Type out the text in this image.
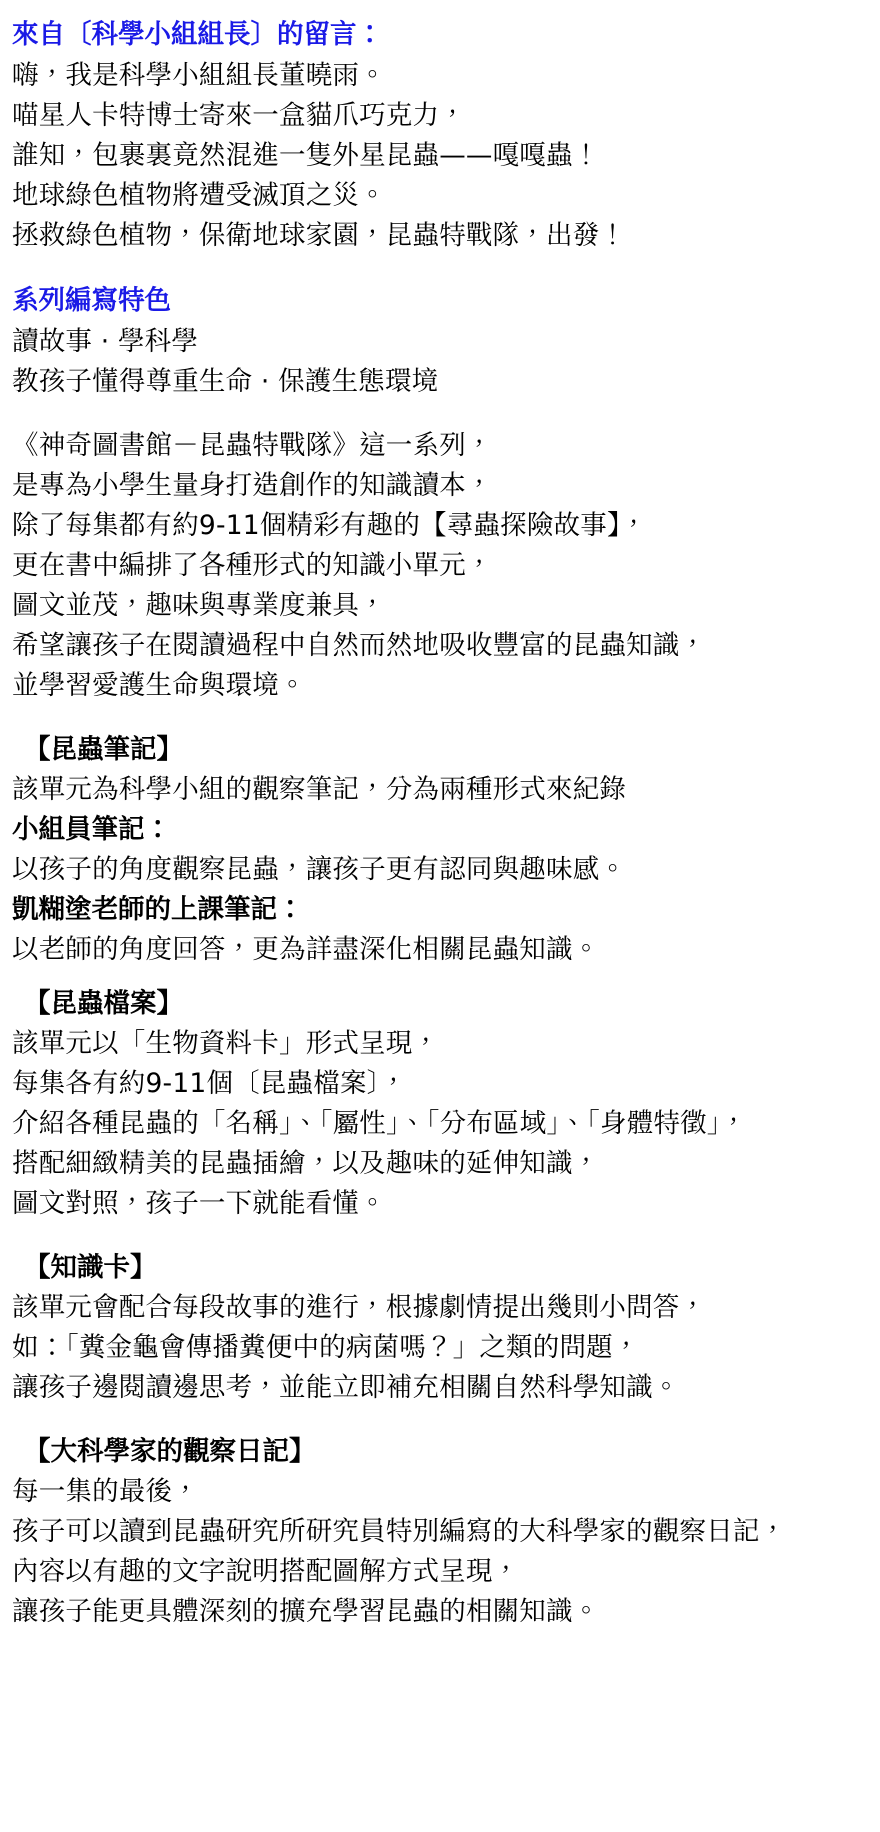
來自〔科學小組組長〕的留言：
嗨，我是科學小組組長董曉雨。
喵星人卡特博士寄來一盒貓爪巧克力，
誰知，包裹裏竟然混進一隻外星昆蟲——嘎嘎蟲！
地球綠色植物將遭受滅頂之災。
拯救綠色植物，保衛地球家園，昆蟲特戰隊，出發！
系列編寫特色
讀故事 · 學科學
教孩子懂得尊重生命 · 保護生態環境
《神奇圖書館－昆蟲特戰隊》這一系列，
是專為小學生量身打造創作的知識讀本，
除了每集都有約9-11個精彩有趣的【尋蟲探險故事】，
更在書中編排了各種形式的知識小單元，
圖文並茂，趣味與專業度兼具，
希望讓孩子在閱讀過程中自然而然地吸收豐富的昆蟲知識，
並學習愛護生命與環境。
【昆蟲筆記】
該單元為科學小組的觀察筆記，分為兩種形式來紀錄
小組員筆記：
以孩子的角度觀察昆蟲，讓孩子更有認同與趣味感。
凱糊塗老師的上課筆記：
以老師的角度回答，更為詳盡深化相關昆蟲知識。
【昆蟲檔案】
該單元以「生物資料卡」形式呈現，
每集各有約9-11個〔昆蟲檔案〕，
介紹各種昆蟲的「名稱」、「屬性」、「分布區域」、「身體特徵」，
搭配細緻精美的昆蟲插繪，以及趣味的延伸知識，
圖文對照，孩子一下就能看懂。
【知識卡】
該單元會配合每段故事的進行，根據劇情提出幾則小問答，
如：「糞金龜會傳播糞便中的病菌嗎？」之類的問題，
讓孩子邊閱讀邊思考，並能立即補充相關自然科學知識。
【大科學家的觀察日記】
每一集的最後，
孩子可以讀到昆蟲研究所研究員特別編寫的大科學家的觀察日記，
內容以有趣的文字說明搭配圖解方式呈現，
讓孩子能更具體深刻的擴充學習昆蟲的相關知識。
